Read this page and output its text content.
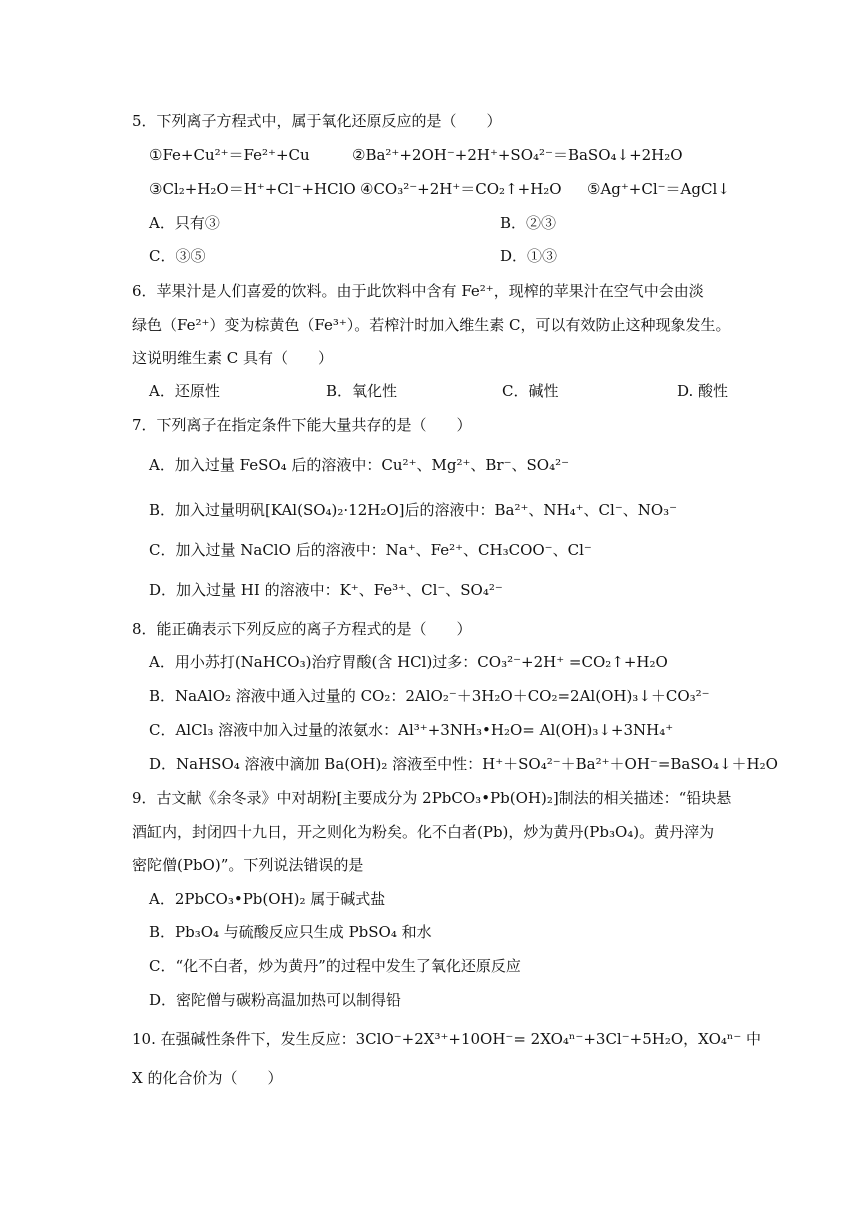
5．下列离子方程式中，属于氧化还原反应的是（　　）
①Fe+Cu²⁺＝Fe²⁺+Cu	②Ba²⁺+2OH⁻+2H⁺+SO₄²⁻＝BaSO₄↓+2H₂O
③Cl₂+H₂O＝H⁺+Cl⁻+HClO ④CO₃²⁻+2H⁺＝CO₂↑+H₂O ⑤Ag⁺+Cl⁻＝AgCl↓
A．只有③	B．②③
C．③⑤	D．①③
6．苹果汁是人们喜爱的饮料。由于此饮料中含有 Fe²⁺，现榨的苹果汁在空气中会由淡
绿色（Fe²⁺）变为棕黄色（Fe³⁺）。若榨汁时加入维生素 C，可以有效防止这种现象发生。
这说明维生素 C 具有（　　）
A．还原性	B．氧化性	C．碱性	D. 酸性
7．下列离子在指定条件下能大量共存的是（　　）
A．加入过量 FeSO₄ 后的溶液中：Cu²⁺、Mg²⁺、Br⁻、SO₄²⁻
B．加入过量明矾[KAl(SO₄)₂·12H₂O]后的溶液中：Ba²⁺、NH₄⁺、Cl⁻、NO₃⁻
C．加入过量 NaClO 后的溶液中：Na⁺、Fe²⁺、CH₃COO⁻、Cl⁻
D．加入过量 HI 的溶液中：K⁺、Fe³⁺、Cl⁻、SO₄²⁻
8．能正确表示下列反应的离子方程式的是（　　）
A．用小苏打(NaHCO₃)治疗胃酸(含 HCl)过多：CO₃²⁻+2H⁺ =CO₂↑+H₂O
B．NaAlO₂ 溶液中通入过量的 CO₂：2AlO₂⁻＋3H₂O＋CO₂=2Al(OH)₃↓＋CO₃²⁻
C．AlCl₃ 溶液中加入过量的浓氨水：Al³⁺+3NH₃•H₂O= Al(OH)₃↓+3NH₄⁺
D．NaHSO₄ 溶液中滴加 Ba(OH)₂ 溶液至中性：H⁺＋SO₄²⁻＋Ba²⁺＋OH⁻=BaSO₄↓＋H₂O
9．古文献《余冬录》中对胡粉[主要成分为 2PbCO₃•Pb(OH)₂]制法的相关描述：“铅块悬
酒缸内，封闭四十九日，开之则化为粉矣。化不白者(Pb)，炒为黄丹(Pb₃O₄)。黄丹滓为
密陀僧(PbO)”。下列说法错误的是
A．2PbCO₃•Pb(OH)₂ 属于碱式盐
B．Pb₃O₄ 与硫酸反应只生成 PbSO₄ 和水
C．“化不白者，炒为黄丹”的过程中发生了氧化还原反应
D．密陀僧与碳粉高温加热可以制得铅
10. 在强碱性条件下，发生反应：3ClO⁻+2X³⁺+10OH⁻= 2XO₄ⁿ⁻+3Cl⁻+5H₂O，XO₄ⁿ⁻ 中
X 的化合价为（　　）
